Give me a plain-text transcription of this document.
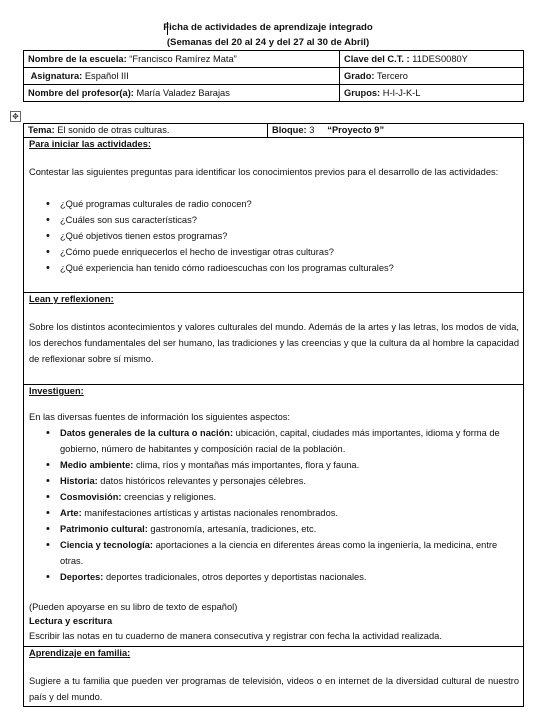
Ficha de actividades de aprendizaje integrado
(Semanas del 20 al 24 y del 27 al 30 de Abril)
Nombre de la escuela: “Francisco Ramírez Mata”	Clave del C.T. : 11DES0080Y
Asignatura: Español III	Grado: Tercero
Nombre del profesor(a): María Valadez Barajas	Grupos: H-I-J-K-L
✥
Tema: El sonido de otras culturas.	Bloque: 3 “Proyecto 9”
Para iniciar las actividades:
Contestar las siguientes preguntas para identificar los conocimientos previos para el desarrollo de las actividades:
• ¿Qué programas culturales de radio conocen?
• ¿Cuáles son sus características?
• ¿Qué objetivos tienen estos programas?
• ¿Cómo puede enriquecerlos el hecho de investigar otras culturas?
• ¿Qué experiencia han tenido cómo radioescuchas con los programas culturales?
Lean y reflexionen:
Sobre los distintos acontecimientos y valores culturales del mundo. Además de la artes y las letras, los modos de vida, los derechos fundamentales del ser humano, las tradiciones y las creencias y que la cultura da al hombre la capacidad de reflexionar sobre sí mismo.
Investiguen:
En las diversas fuentes de información los siguientes aspectos:
• Datos generales de la cultura o nación: ubicación, capital, ciudades más importantes, idioma y forma de gobierno, número de habitantes y composición racial de la población.
• Medio ambiente: clima, ríos y montañas más importantes, flora y fauna.
• Historia: datos históricos relevantes y personajes célebres.
• Cosmovisión: creencias y religiones.
• Arte: manifestaciones artísticas y artistas nacionales renombrados.
• Patrimonio cultural: gastronomía, artesanía, tradiciones, etc.
• Ciencia y tecnología: aportaciones a la ciencia en diferentes áreas como la ingeniería, la medicina, entre otras.
• Deportes: deportes tradicionales, otros deportes y deportistas nacionales.
(Pueden apoyarse en su libro de texto de español)
Lectura y escritura
Escribir las notas en tu cuaderno de manera consecutiva y registrar con fecha la actividad realizada.
Aprendizaje en familia:
Sugiere a tu familia que pueden ver programas de televisión, videos o en internet de la diversidad cultural de nuestro país y del mundo.
